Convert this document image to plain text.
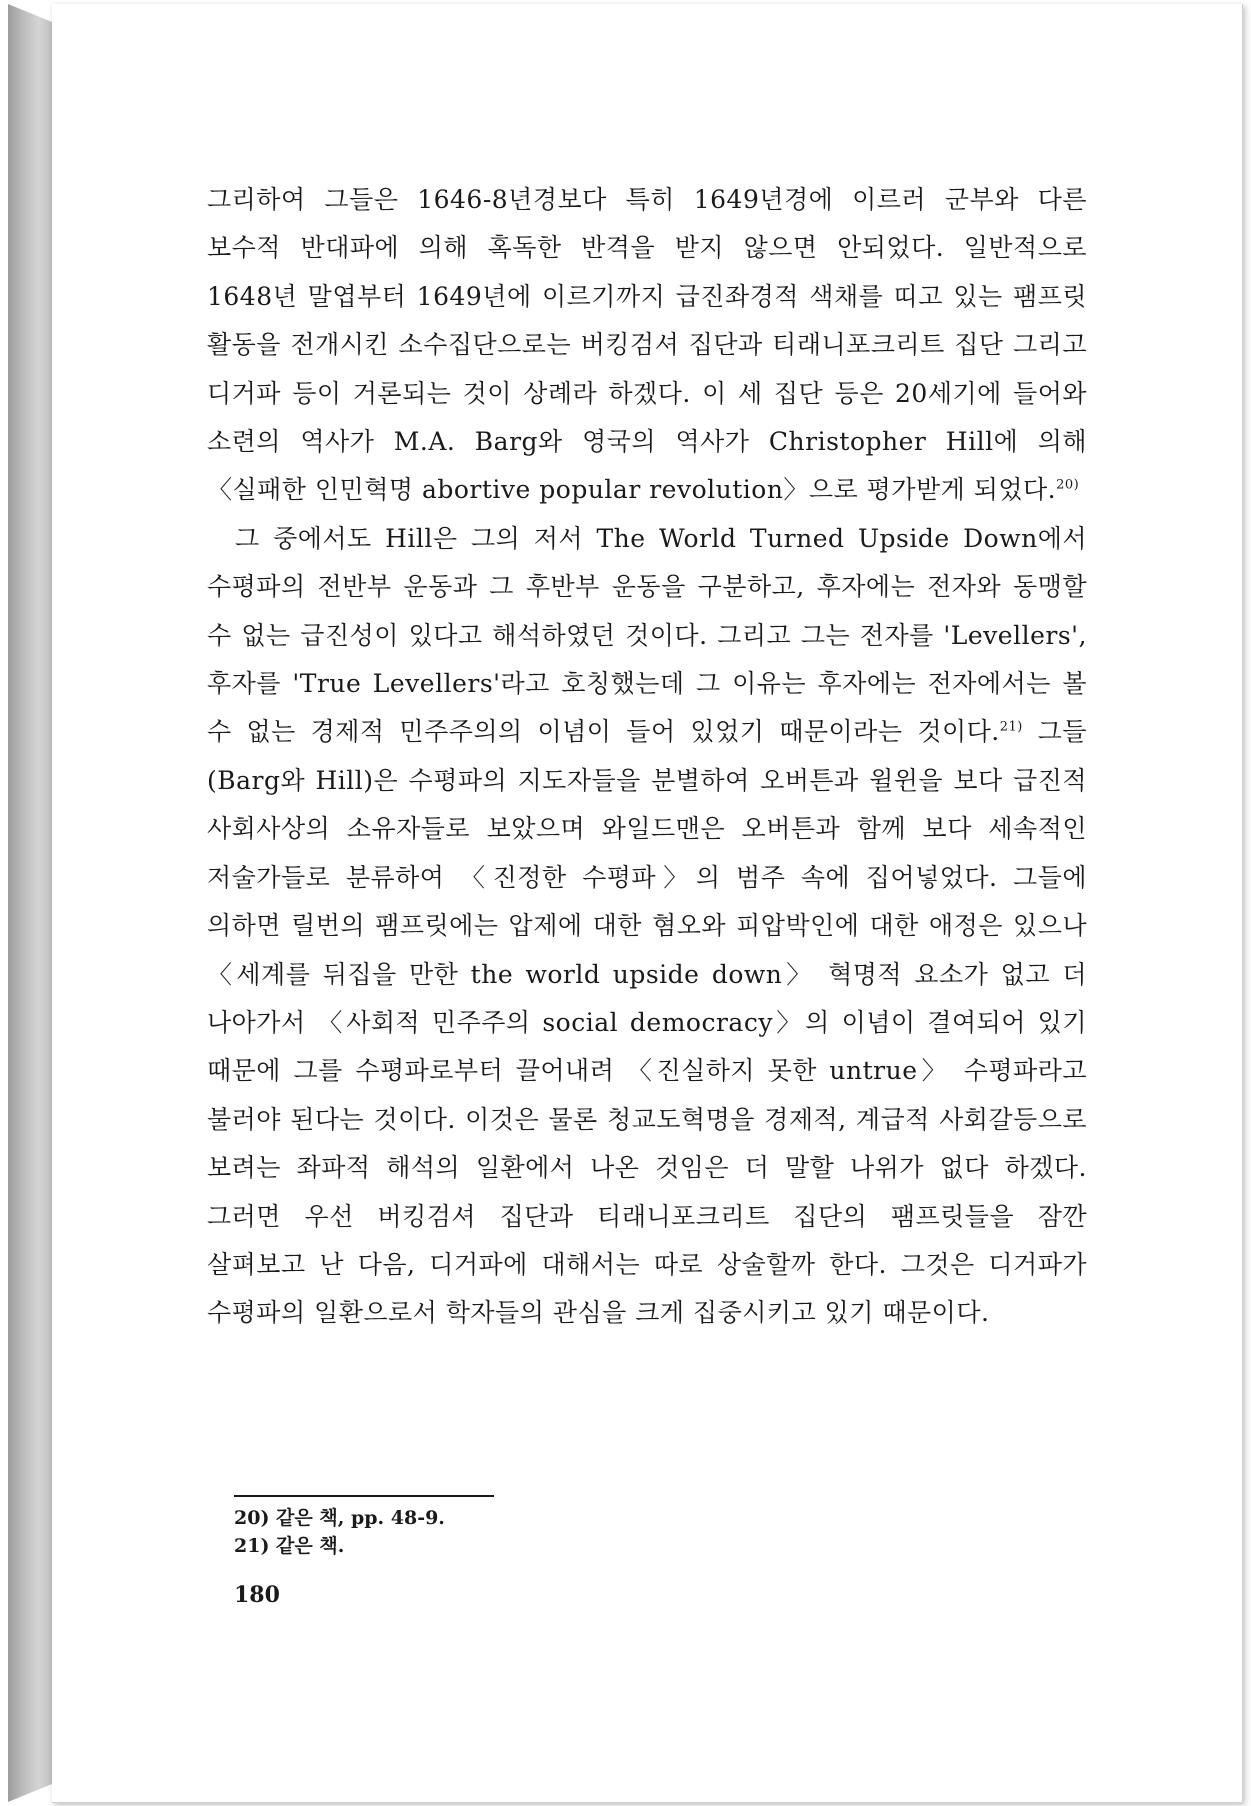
그리하여 그들은 1646-8년경보다 특히 1649년경에 이르러 군부와 다른 보수적 반대파에 의해 혹독한 반격을 받지 않으면 안되었다. 일반적으로 1648년 말엽부터 1649년에 이르기까지 급진좌경적 색채를 띠고 있는 팸프릿 활동을 전개시킨 소수집단으로는 버킹검셔 집단과 티래니포크리트 집단 그리고 디거파 등이 거론되는 것이 상례라 하겠다. 이 세 집단 등은 20세기에 들어와 소련의 역사가 M.A. Barg와 영국의 역사가 Christopher Hill에 의해 〈실패한 인민혁명 abortive popular revolution〉으로 평가받게 되었다.$^{20)}$

그 중에서도 Hill은 그의 저서 The World Turned Upside Down에서 수평파의 전반부 운동과 그 후반부 운동을 구분하고, 후자에는 전자와 동맹할 수 없는 급진성이 있다고 해석하였던 것이다. 그리고 그는 전자를 'Levellers', 후자를 'True Levellers'라고 호칭했는데 그 이유는 후자에는 전자에서는 볼 수 없는 경제적 민주주의의 이념이 들어 있었기 때문이라는 것이다.$^{21)}$ 그들(Barg와 Hill)은 수평파의 지도자들을 분별하여 오버튼과 윌윈을 보다 급진적 사회사상의 소유자들로 보았으며 와일드맨은 오버튼과 함께 보다 세속적인 저술가들로 분류하여 〈진정한 수평파〉의 범주 속에 집어넣었다. 그들에 의하면 릴번의 팸프릿에는 압제에 대한 혐오와 피압박인에 대한 애정은 있으나 〈세계를 뒤집을 만한 the world upside down〉 혁명적 요소가 없고 더 나아가서 〈사회적 민주주의 social democracy〉의 이념이 결여되어 있기 때문에 그를 수평파로부터 끌어내려 〈진실하지 못한 untrue〉 수평파라고 불러야 된다는 것이다. 이것은 물론 청교도혁명을 경제적, 계급적 사회갈등으로 보려는 좌파적 해석의 일환에서 나온 것임은 더 말할 나위가 없다 하겠다. 그러면 우선 버킹검셔 집단과 티래니포크리트 집단의 팸프릿들을 잠깐 살펴보고 난 다음, 디거파에 대해서는 따로 상술할까 한다. 그것은 디거파가 수평파의 일환으로서 학자들의 관심을 크게 집중시키고 있기 때문이다.

20) 같은 책, pp. 48-9.
21) 같은 책.
180
